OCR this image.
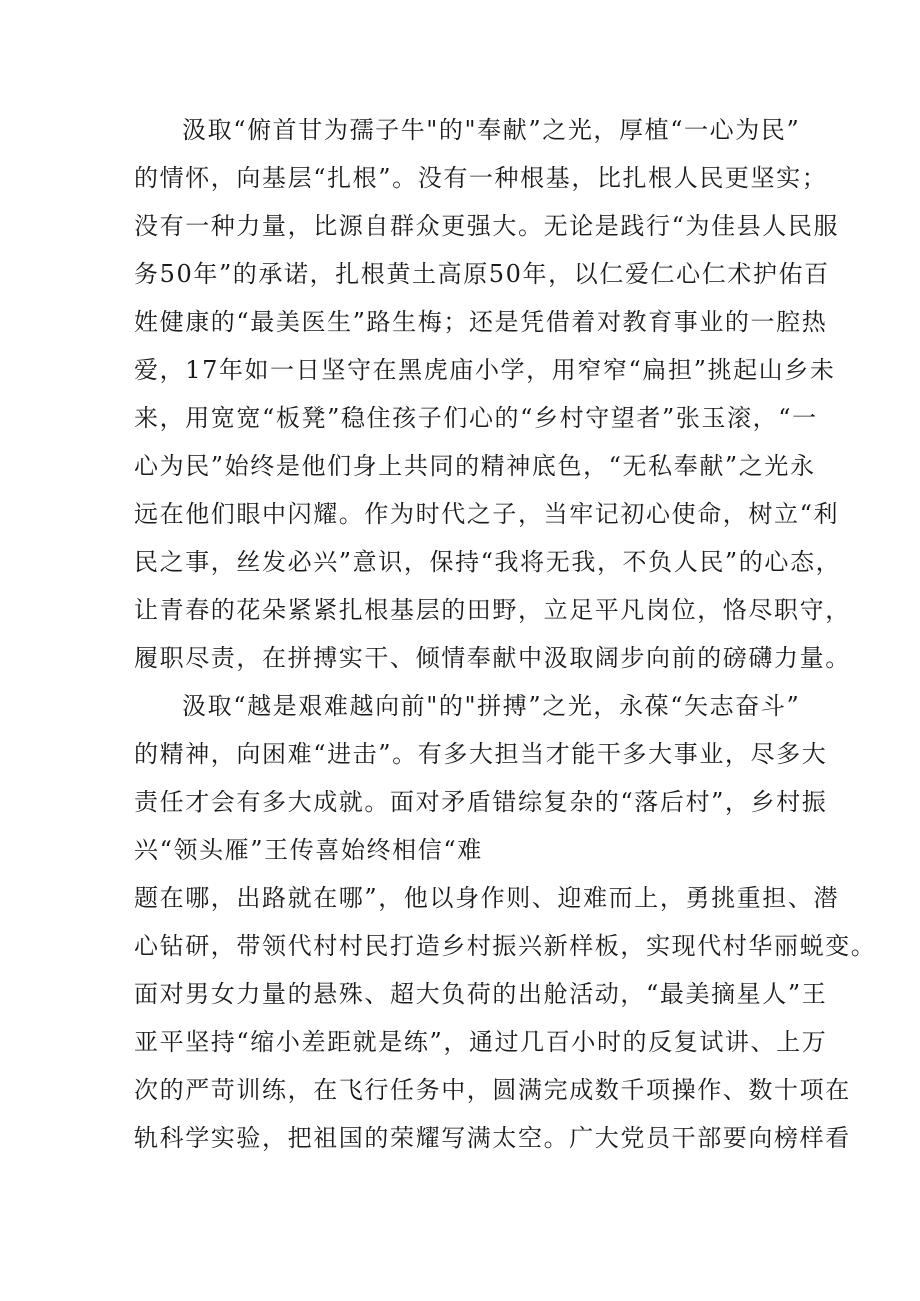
汲取“俯首甘为孺子牛"的"奉献”之光，厚植“一心为民”
的情怀，向基层“扎根”。没有一种根基，比扎根人民更坚实；
没有一种力量，比源自群众更强大。无论是践行“为佳县人民服
务50年”的承诺，扎根黄土高原50年，以仁爱仁心仁术护佑百
姓健康的“最美医生”路生梅；还是凭借着对教育事业的一腔热
爱，17年如一日坚守在黑虎庙小学，用窄窄“扁担”挑起山乡未
来，用宽宽“板凳”稳住孩子们心的“乡村守望者”张玉滚，“一
心为民”始终是他们身上共同的精神底色，“无私奉献”之光永
远在他们眼中闪耀。作为时代之子，当牢记初心使命，树立“利
民之事，丝发必兴”意识，保持“我将无我，不负人民”的心态，
让青春的花朵紧紧扎根基层的田野，立足平凡岗位，恪尽职守，
履职尽责，在拼搏实干、倾情奉献中汲取阔步向前的磅礴力量。
汲取“越是艰难越向前"的"拼搏”之光，永葆“矢志奋斗”
的精神，向困难“进击”。有多大担当才能干多大事业，尽多大
责任才会有多大成就。面对矛盾错综复杂的“落后村”，乡村振
兴“领头雁”王传喜始终相信“难
题在哪，出路就在哪”，他以身作则、迎难而上，勇挑重担、潜
心钻研，带领代村村民打造乡村振兴新样板，实现代村华丽蜕变。
面对男女力量的悬殊、超大负荷的出舱活动，“最美摘星人”王
亚平坚持“缩小差距就是练”，通过几百小时的反复试讲、上万
次的严苛训练，在飞行任务中，圆满完成数千项操作、数十项在
轨科学实验，把祖国的荣耀写满太空。广大党员干部要向榜样看
